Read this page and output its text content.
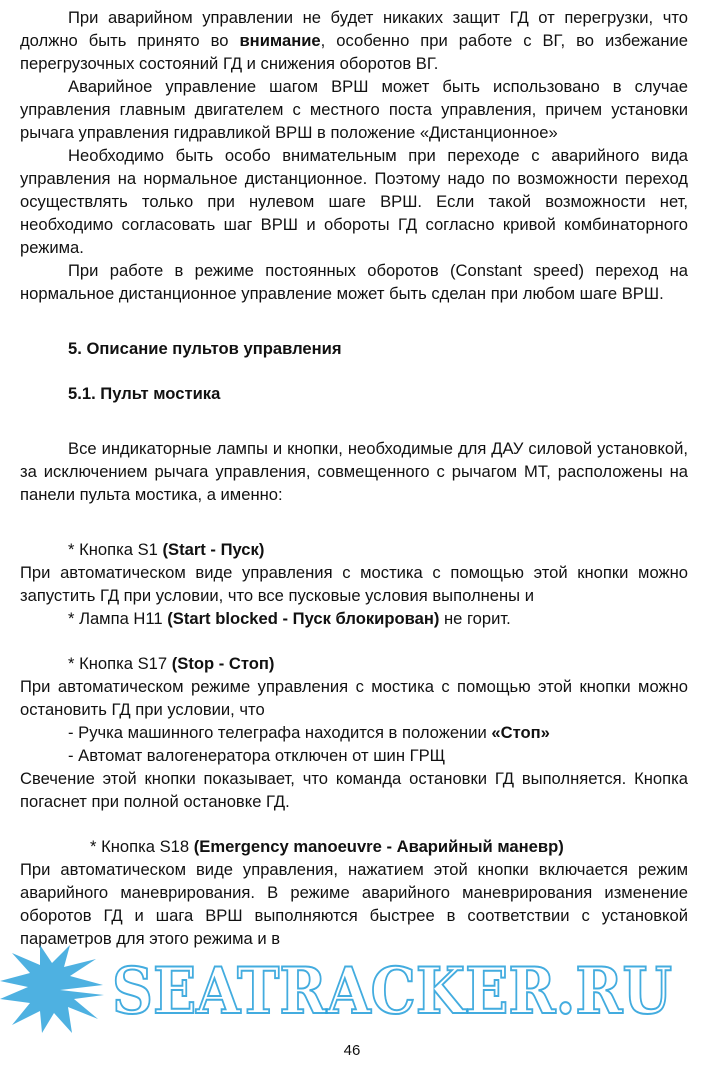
При аварийном управлении не будет никаких защит ГД от перегрузки, что должно быть принято во внимание, особенно при работе с ВГ, во избежание перегрузочных состояний ГД и снижения оборотов ВГ.

Аварийное управление шагом ВРШ может быть использовано в случае управления главным двигателем с местного поста управления, причем установки рычага управления гидравликой ВРШ в положение «Дистанционное»

Необходимо быть особо внимательным при переходе с аварийного вида управления на нормальное дистанционное. Поэтому надо по возможности переход осуществлять только при нулевом шаге ВРШ. Если такой возможности нет, необходимо согласовать шаг ВРШ и обороты ГД согласно кривой комбинаторного режима.

При работе в режиме постоянных оборотов (Constant speed) переход на нормальное дистанционное управление может быть сделан при любом шаге ВРШ.

5. Описание пультов управления

5.1. Пульт мостика

Все индикаторные лампы и кнопки, необходимые для ДАУ силовой установкой, за исключением рычага управления, совмещенного с рычагом МТ, расположены на панели пульта мостика, а именно:

* Кнопка S1 (Start - Пуск)

При автоматическом виде управления с мостика с помощью этой кнопки можно запустить ГД при условии, что все пусковые условия выполнены и

* Лампа H11 (Start blocked - Пуск блокирован) не горит.

* Кнопка S17 (Stop - Стоп)

При автоматическом режиме управления с мостика с помощью этой кнопки можно остановить ГД при условии, что

- Ручка машинного телеграфа находится в положении «Стоп»

- Автомат валогенератора отключен от шин ГРЩ

Свечение этой кнопки показывает, что команда остановки ГД выполняется. Кнопка погаснет при полной остановке ГД.

* Кнопка S18 (Emergency manoeuvre - Аварийный маневр)

При автоматическом виде управления, нажатием этой кнопки включается режим аварийного маневрирования. В режиме аварийного маневрирования изменение оборотов ГД и шага ВРШ выполняются быстрее в соответствии с установкой параметров для этого режима и в

SEATRACKER.RU
46
